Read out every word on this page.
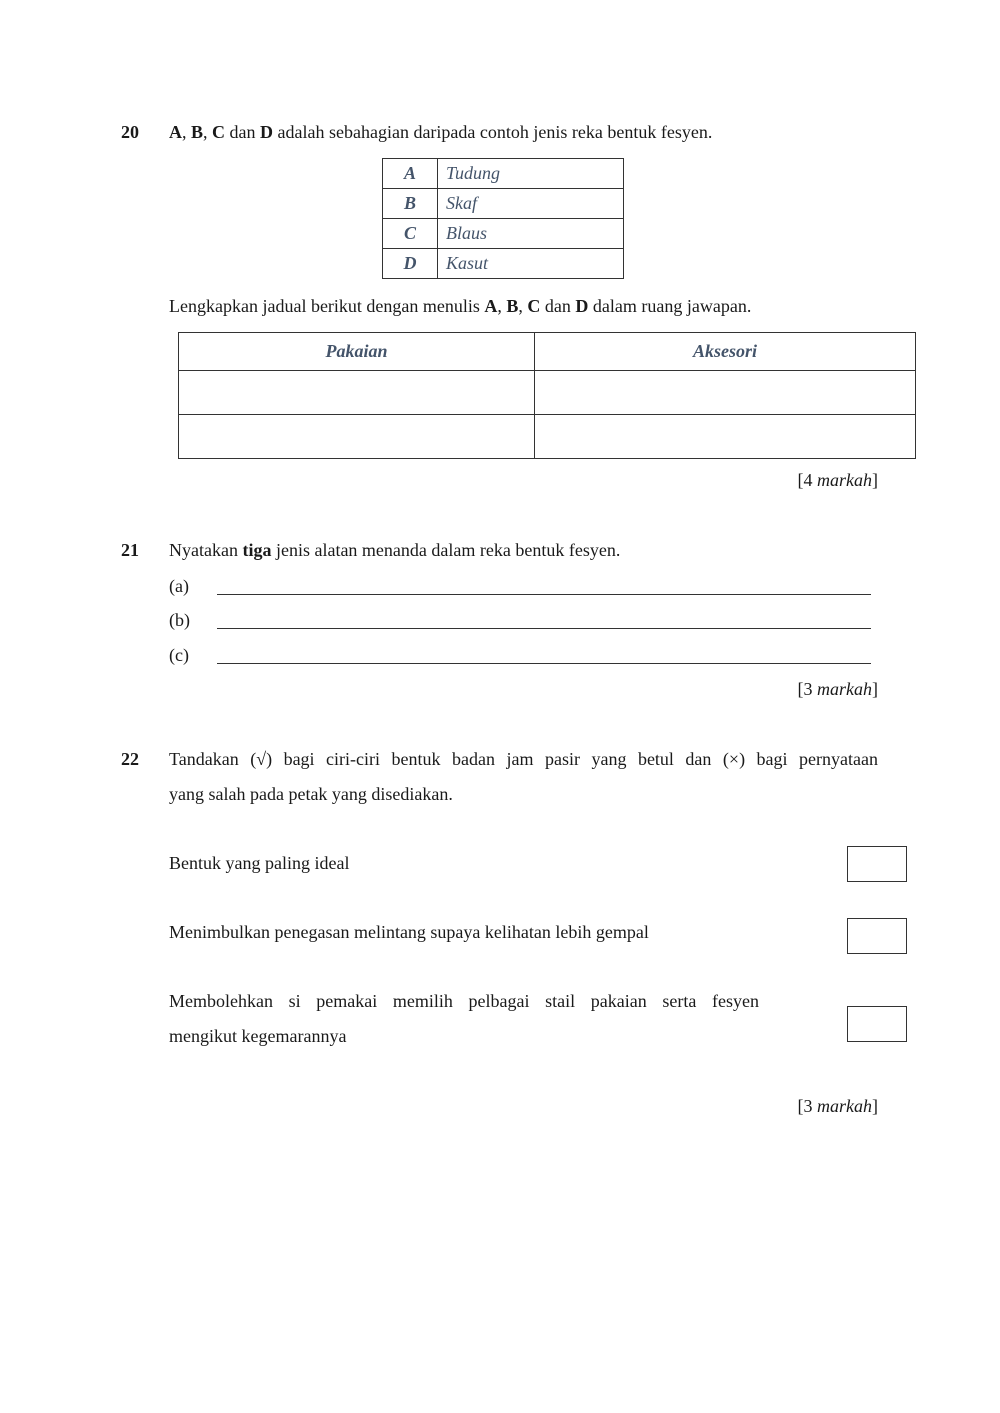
20 A, B, C dan D adalah sebahagian daripada contoh jenis reka bentuk fesyen.
A	Tudung
B	Skaf
C	Blaus
D	Kasut
Lengkapkan jadual berikut dengan menulis A, B, C dan D dalam ruang jawapan.
Pakaian	Aksesori

[4 markah]
21 Nyatakan tiga jenis alatan menanda dalam reka bentuk fesyen.
(a)
(b)
(c)
[3 markah]
22 Tandakan (√) bagi ciri-ciri bentuk badan jam pasir yang betul dan (×) bagi pernyataan
yang salah pada petak yang disediakan.
Bentuk yang paling ideal
Menimbulkan penegasan melintang supaya kelihatan lebih gempal
Membolehkan si pemakai memilih pelbagai stail pakaian serta fesyen
mengikut kegemarannya
[3 markah]
